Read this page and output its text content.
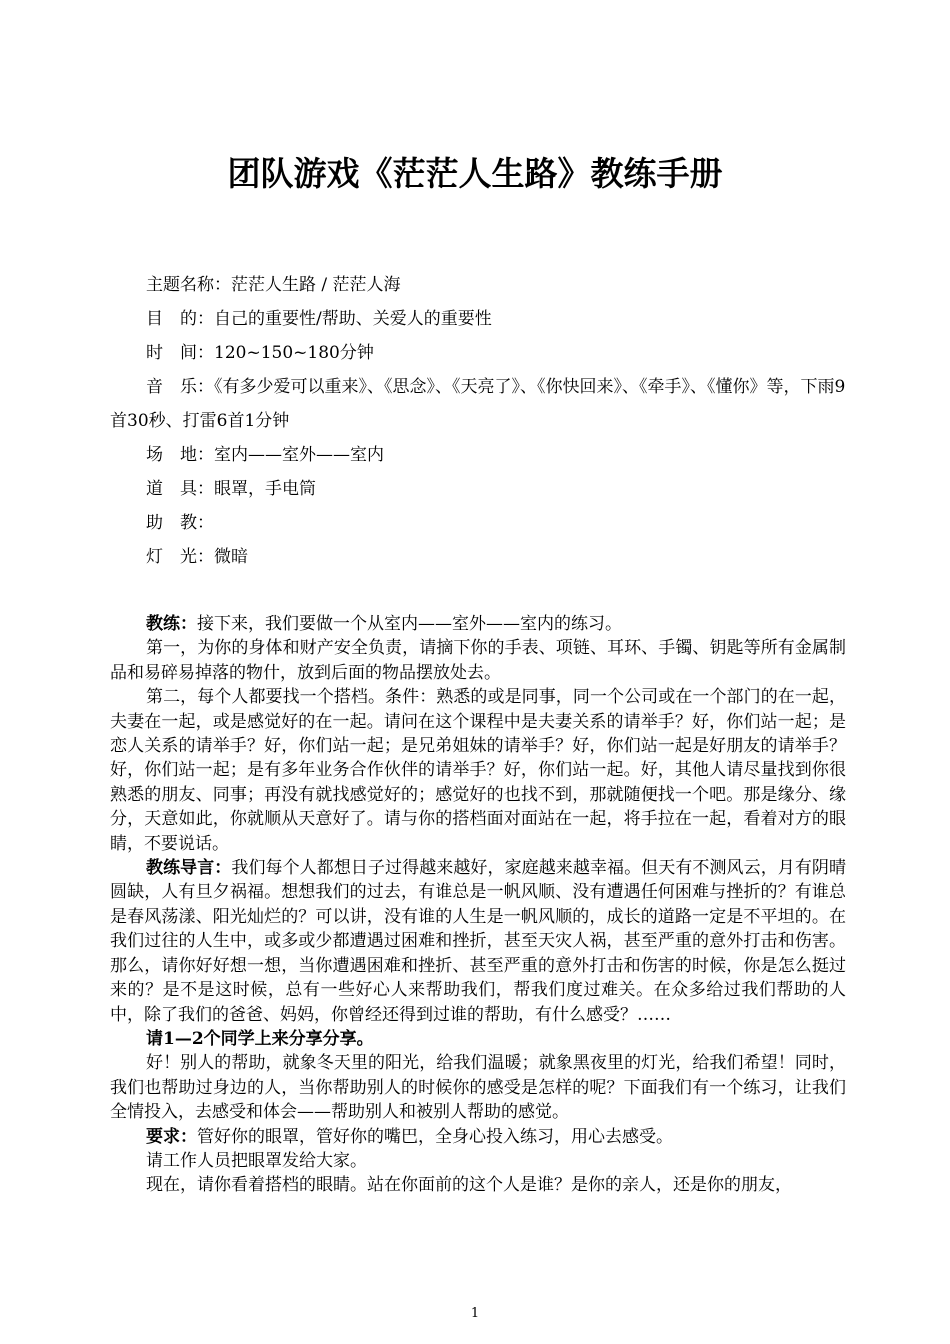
团队游戏《茫茫人生路》教练手册
主题名称：茫茫人生路 / 茫茫人海
目　的：自己的重要性/帮助、关爱人的重要性
时　间：120~150~180分钟
音　乐：《有多少爱可以重来》、《思念》、《天亮了》、《你快回来》、《牵手》、《懂你》等，下雨9首30秒、打雷6首1分钟
场　地：室内——室外——室内
道　具：眼罩，手电筒
助　教：
灯　光：微暗

教练：接下来，我们要做一个从室内——室外——室内的练习。

第一，为你的身体和财产安全负责，请摘下你的手表、项链、耳环、手镯、钥匙等所有金属制品和易碎易掉落的物什，放到后面的物品摆放处去。

第二，每个人都要找一个搭档。条件：熟悉的或是同事，同一个公司或在一个部门的在一起，夫妻在一起，或是感觉好的在一起。请问在这个课程中是夫妻关系的请举手？好，你们站一起；是恋人关系的请举手？好，你们站一起；是兄弟姐妹的请举手？好，你们站一起是好朋友的请举手？好，你们站一起；是有多年业务合作伙伴的请举手？好，你们站一起。好，其他人请尽量找到你很熟悉的朋友、同事；再没有就找感觉好的；感觉好的也找不到，那就随便找一个吧。那是缘分、缘分，天意如此，你就顺从天意好了。请与你的搭档面对面站在一起，将手拉在一起，看着对方的眼睛，不要说话。

教练导言：我们每个人都想日子过得越来越好，家庭越来越幸福。但天有不测风云，月有阴晴圆缺，人有旦夕祸福。想想我们的过去，有谁总是一帆风顺、没有遭遇任何困难与挫折的？有谁总是春风荡漾、阳光灿烂的？可以讲，没有谁的人生是一帆风顺的，成长的道路一定是不平坦的。在我们过往的人生中，或多或少都遭遇过困难和挫折，甚至天灾人祸，甚至严重的意外打击和伤害。那么，请你好好想一想，当你遭遇困难和挫折、甚至严重的意外打击和伤害的时候，你是怎么挺过来的？是不是这时候，总有一些好心人来帮助我们，帮我们度过难关。在众多给过我们帮助的人中，除了我们的爸爸、妈妈，你曾经还得到过谁的帮助，有什么感受？……

请1—2个同学上来分享分享。

好！别人的帮助，就象冬天里的阳光，给我们温暖；就象黑夜里的灯光，给我们希望！同时，我们也帮助过身边的人，当你帮助别人的时候你的感受是怎样的呢？下面我们有一个练习，让我们全情投入，去感受和体会——帮助别人和被别人帮助的感觉。

要求：管好你的眼罩，管好你的嘴巴，全身心投入练习，用心去感受。

请工作人员把眼罩发给大家。

现在，请你看着搭档的眼睛。站在你面前的这个人是谁？是你的亲人，还是你的朋友，

1
